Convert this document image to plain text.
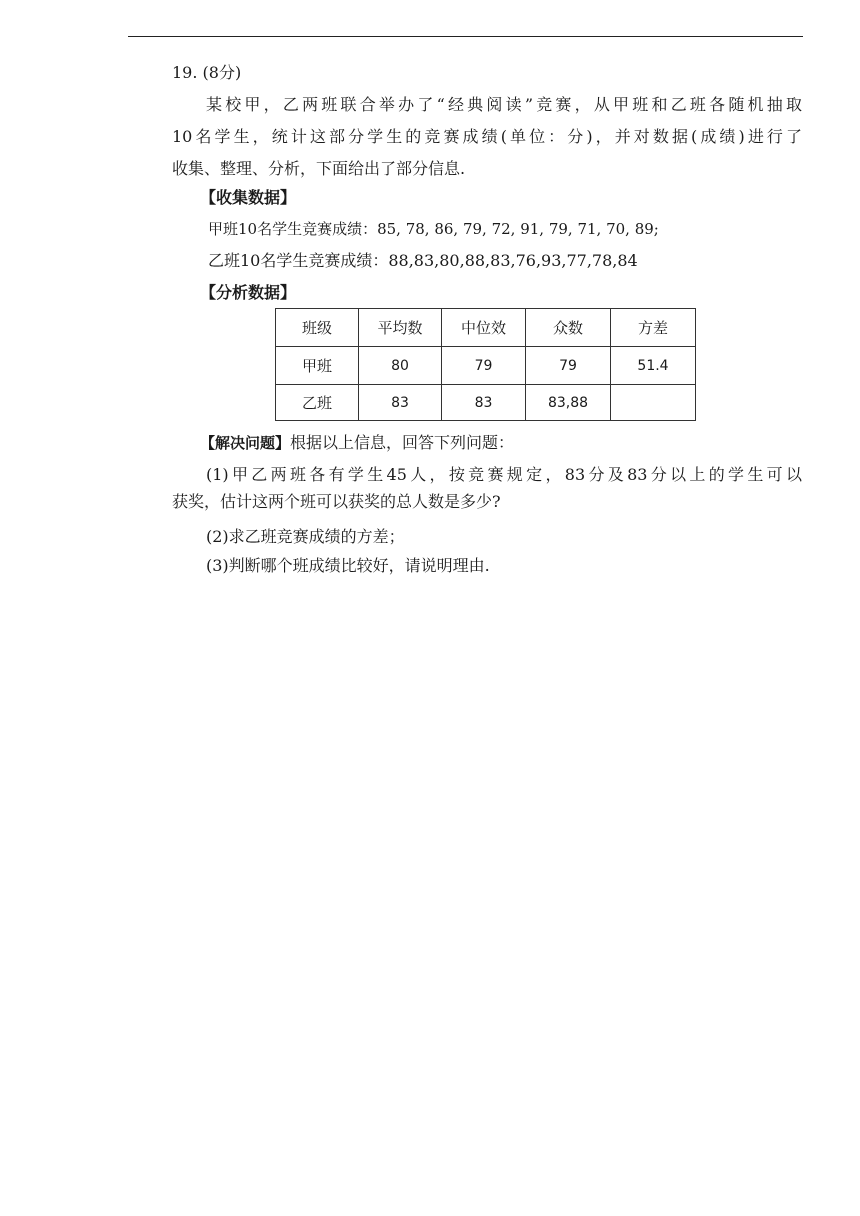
19. (8分)
某校甲，乙两班联合举办了“经典阅读”竞赛，从甲班和乙班各随机抽取
10名学生，统计这部分学生的竞赛成绩(单位：分)，并对数据(成绩)进行了
收集、整理、分析，下面给出了部分信息.
【收集数据】
甲班10名学生竞赛成绩：85, 78, 86, 79, 72, 91, 79, 71, 70, 89;
乙班10名学生竞赛成绩：88,83,80,88,83,76,93,77,78,84
【分析数据】
班级	平均数	中位效	众数	方差
甲班	80	79	79	51.4
乙班	83	83	83,88	
【解决问题】根据以上信息，回答下列问题：
(1)甲乙两班各有学生45人，按竞赛规定，83分及83分以上的学生可以
获奖，估计这两个班可以获奖的总人数是多少?
(2)求乙班竞赛成绩的方差；
(3)判断哪个班成绩比较好，请说明理由.
